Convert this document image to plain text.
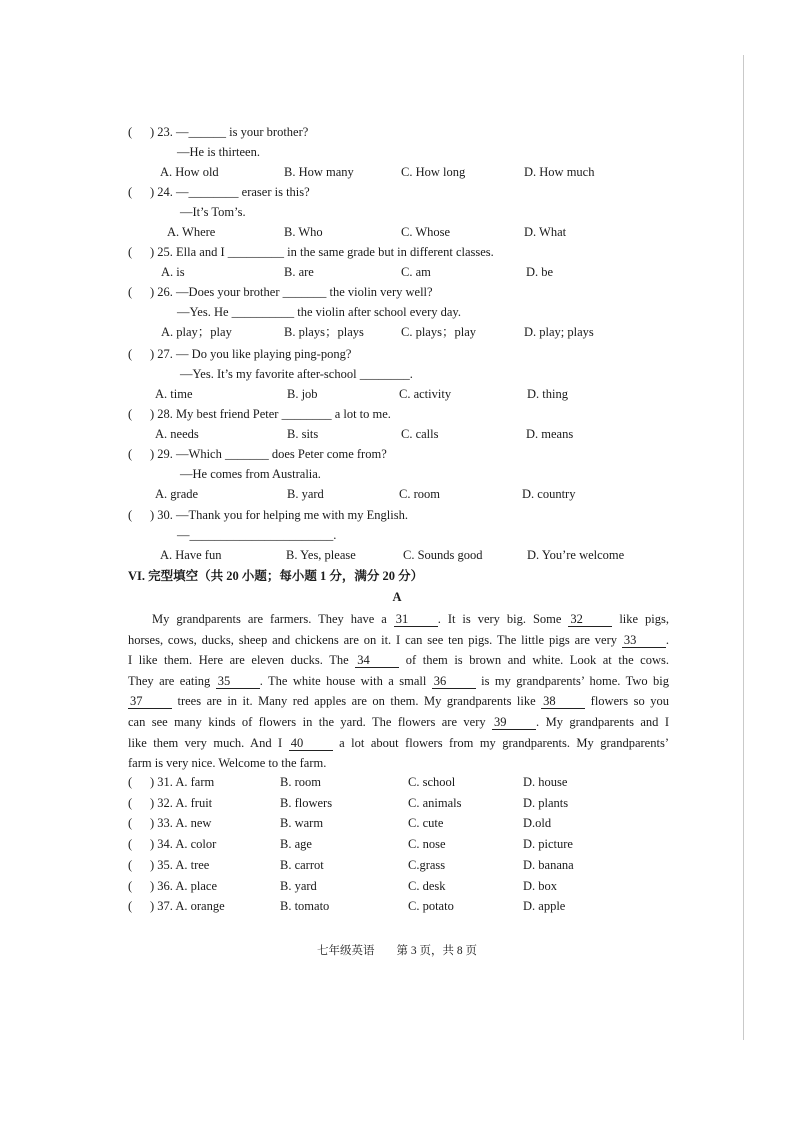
( ) 23. —______ is your brother?
—He is thirteen.
A. How old	B. How many	C. How long	D. How much
( ) 24. —________ eraser is this?
—It’s Tom’s.
A. Where	B. Who	C. Whose	D. What
( ) 25. Ella and I _________ in the same grade but in different classes.
A. is	B. are	C. am	D. be
( ) 26. —Does your brother _______ the violin very well?
—Yes. He __________ the violin after school every day.
A. play；play	B. plays；plays	C. plays；play	D. play; plays
( ) 27. — Do you like playing ping-pong?
—Yes. It’s my favorite after-school ________.
A. time	B. job	C. activity	D. thing
( ) 28. My best friend Peter ________ a lot to me.
A. needs	B. sits	C. calls	D. means
( ) 29. —Which _______ does Peter come from?
—He comes from Australia.
A. grade	B. yard	C. room	D. country
( ) 30. —Thank you for helping me with my English.
—_______________________.
A. Have fun	B. Yes, please	C. Sounds good	D. You’re welcome
VI. 完型填空（共 20 小题；每小题 1 分，满分 20 分）
A
My grandparents are farmers. They have a 31 . It is very big. Some 32 like pigs,
horses, cows, ducks, sheep and chickens are on it. I can see ten pigs. The little pigs are very 33 .
I like them. Here are eleven ducks. The 34 of them is brown and white. Look at the cows.
They are eating 35 . The white house with a small 36 is my grandparents’ home. Two big
37 trees are in it. Many red apples are on them. My grandparents like 38 flowers so you
can see many kinds of flowers in the yard. The flowers are very 39 . My grandparents and I
like them very much. And I 40 a lot about flowers from my grandparents. My grandparents’
farm is very nice. Welcome to the farm.
( ) 31. A. farm	B. room	C. school	D. house
( ) 32. A. fruit	B. flowers	C. animals	D. plants
( ) 33. A. new	B. warm	C. cute	D.old
( ) 34. A. color	B. age	C. nose	D. picture
( ) 35. A. tree	B. carrot	C.grass	D. banana
( ) 36. A. place	B. yard	C. desk	D. box
( ) 37. A. orange	B. tomato	C. potato	D. apple
七年级英语 第 3 页，共 8 页
